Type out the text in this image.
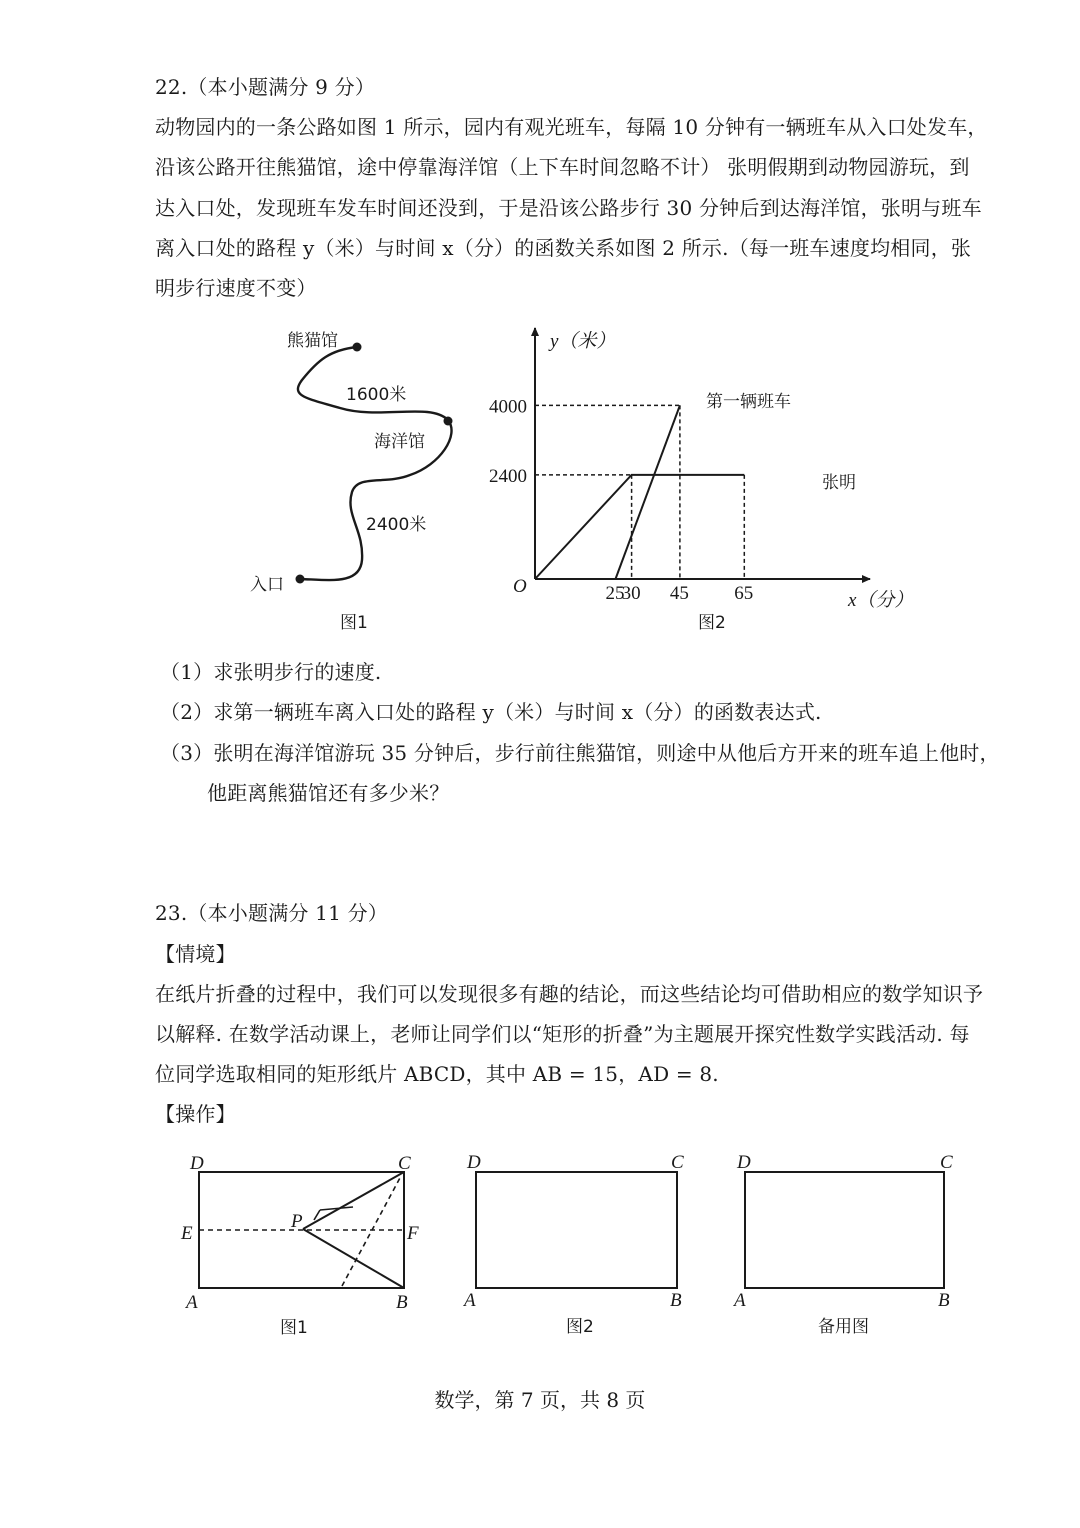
22.（本小题满分 9 分）
动物园内的一条公路如图 1 所示，园内有观光班车，每隔 10 分钟有一辆班车从入口处发车，
沿该公路开往熊猫馆，途中停靠海洋馆（上下车时间忽略不计） 张明假期到动物园游玩，到
达入口处，发现班车发车时间还没到，于是沿该公路步行 30 分钟后到达海洋馆，张明与班车
离入口处的路程 y（米）与时间 x（分）的函数关系如图 2 所示.（每一班车速度均相同，张
明步行速度不变）
熊猫馆
1600米
海洋馆
2400米
入口
图1
y（米）
x（分）
O	25
30 45 65
2400
4000	第一辆班车
张明
图2
（1）求张明步行的速度.
（2）求第一辆班车离入口处的路程 y（米）与时间 x（分）的函数表达式.
（3）张明在海洋馆游玩 35 分钟后，步行前往熊猫馆，则途中从他后方开来的班车追上他时，
他距离熊猫馆还有多少米？
23.（本小题满分 11 分）
【情境】
在纸片折叠的过程中，我们可以发现很多有趣的结论，而这些结论均可借助相应的数学知识予
以解释. 在数学活动课上，老师让同学们以“矩形的折叠”为主题展开探究性数学实践活动. 每
位同学选取相同的矩形纸片 ABCD，其中 AB = 15，AD = 8.
【操作】
D	C
E	F
P
A	B
图1
D	C
A	B
图2
D	C
A	B
备用图
数学，第 7 页，共 8 页
